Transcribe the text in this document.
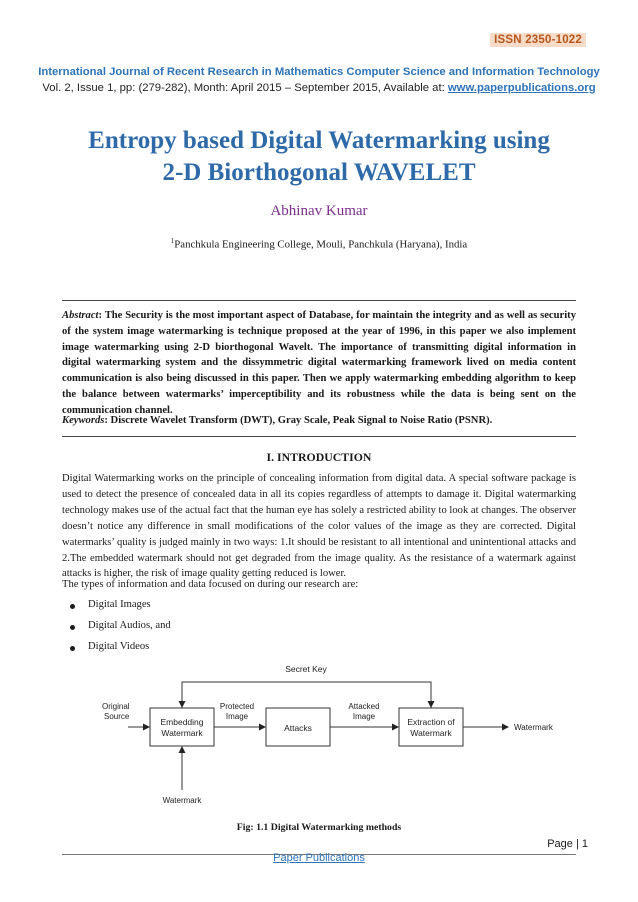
ISSN 2350-1022
International Journal of Recent Research in Mathematics Computer Science and Information Technology
Vol. 2, Issue 1, pp: (279-282), Month: April 2015 – September 2015, Available at: www.paperpublications.org
Entropy based Digital Watermarking using
2-D Biorthogonal WAVELET
Abhinav Kumar
$^1$Panchkula Engineering College, Mouli, Panchkula (Haryana), India
Abstract: The Security is the most important aspect of Database, for maintain the integrity and as well as security of the system image watermarking is technique proposed at the year of 1996, in this paper we also implement image watermarking using 2-D biorthogonal Wavelt. The importance of transmitting digital information in digital watermarking system and the dissymmetric digital watermarking framework lived on media content communication is also being discussed in this paper. Then we apply watermarking embedding algorithm to keep the balance between watermarks’ imperceptibility and its robustness while the data is being sent on the communication channel.
Keywords: Discrete Wavelet Transform (DWT), Gray Scale, Peak Signal to Noise Ratio (PSNR).
I. INTRODUCTION
Digital Watermarking works on the principle of concealing information from digital data. A special software package is used to detect the presence of concealed data in all its copies regardless of attempts to damage it. Digital watermarking technology makes use of the actual fact that the human eye has solely a restricted ability to look at changes. The observer doesn’t notice any difference in small modifications of the color values of the image as they are corrected. Digital watermarks’ quality is judged mainly in two ways: 1.It should be resistant to all intentional and unintentional attacks and 2.The embedded watermark should not get degraded from the image quality. As the resistance of a watermark against attacks is higher, the risk of image quality getting reduced is lower.
The types of information and data focused on during our research are:
Digital Images
Digital Audios, and
Digital Videos
Secret Key
Original
Source
Embedding
Watermark
Protected
Image
Attacks
Attacked
Image
Extraction of
Watermark
Watermark
Watermark
Fig: 1.1 Digital Watermarking methods
Page | 1
Paper Publications
